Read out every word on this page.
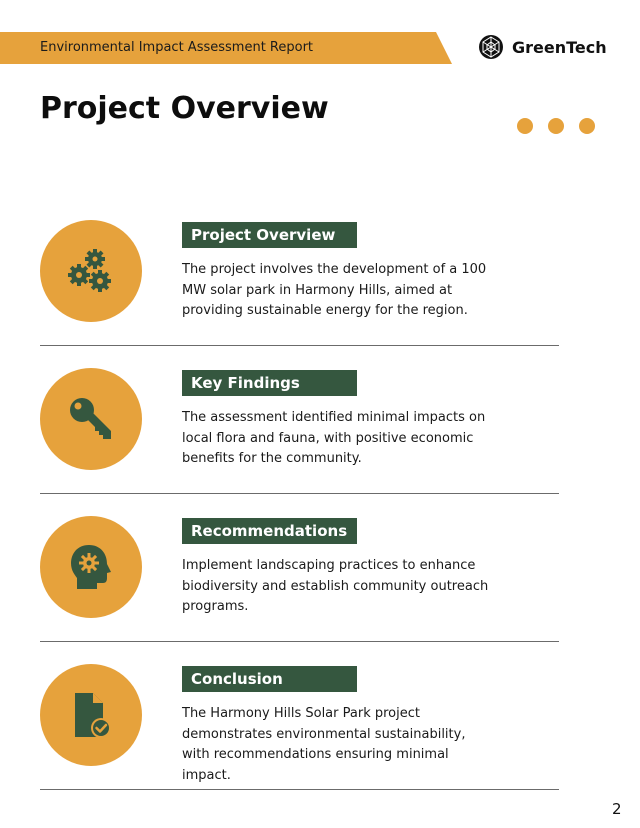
Environmental Impact Assessment Report	GreenTech
Project Overview
Project Overview
The project involves the development of a 100 MW solar park in Harmony Hills, aimed at providing sustainable energy for the region.
Key Findings
The assessment identified minimal impacts on local flora and fauna, with positive economic benefits for the community.
Recommendations
Implement landscaping practices to enhance biodiversity and establish community outreach programs.
Conclusion
The Harmony Hills Solar Park project demonstrates environmental sustainability, with recommendations ensuring minimal impact.
2
